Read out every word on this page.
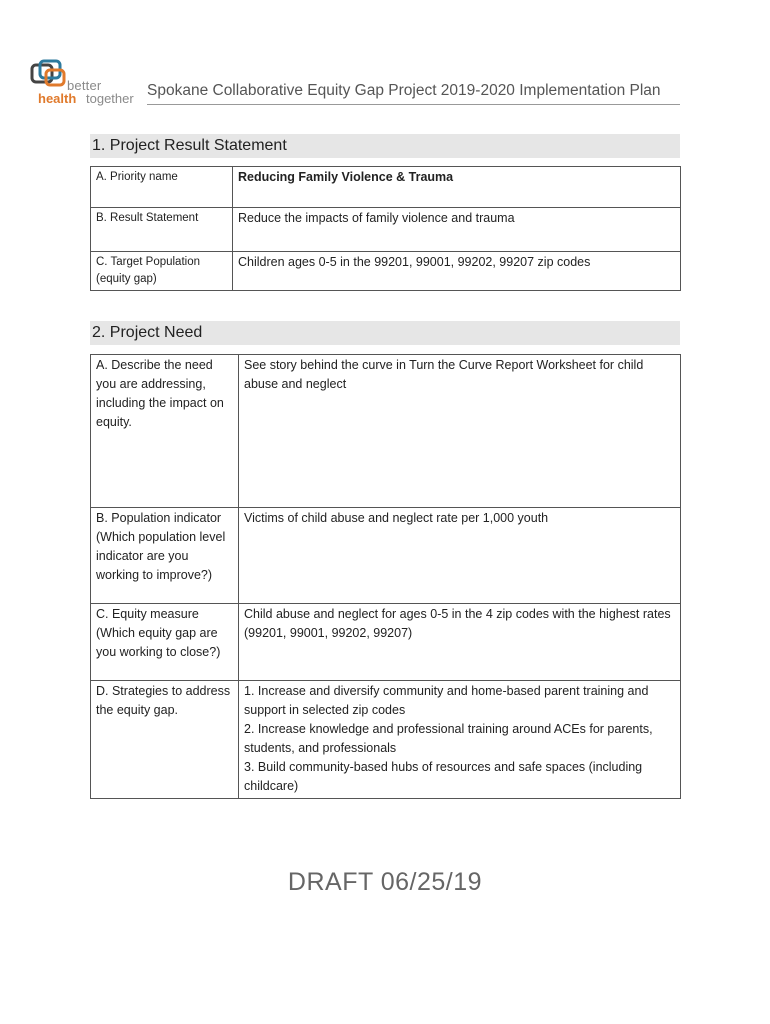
better
health together Spokane Collaborative Equity Gap Project 2019-2020 Implementation Plan
1. Project Result Statement
A. Priority name	Reducing Family Violence & Trauma
B. Result Statement	Reduce the impacts of family violence and trauma
C. Target Population (equity gap)	Children ages 0-5 in the 99201, 99001, 99202, 99207 zip codes
2. Project Need
A. Describe the need you are addressing, including the impact on equity.	See story behind the curve in Turn the Curve Report Worksheet for child abuse and neglect
B. Population indicator (Which population level indicator are you working to improve?)	Victims of child abuse and neglect rate per 1,000 youth
C. Equity measure (Which equity gap are you working to close?)	Child abuse and neglect for ages 0-5 in the 4 zip codes with the highest rates (99201, 99001, 99202, 99207)
D. Strategies to address the equity gap.	1. Increase and diversify community and home-based parent training and support in selected zip codes
2. Increase knowledge and professional training around ACEs for parents, students, and professionals
3. Build community-based hubs of resources and safe spaces (including childcare)
DRAFT 06/25/19
